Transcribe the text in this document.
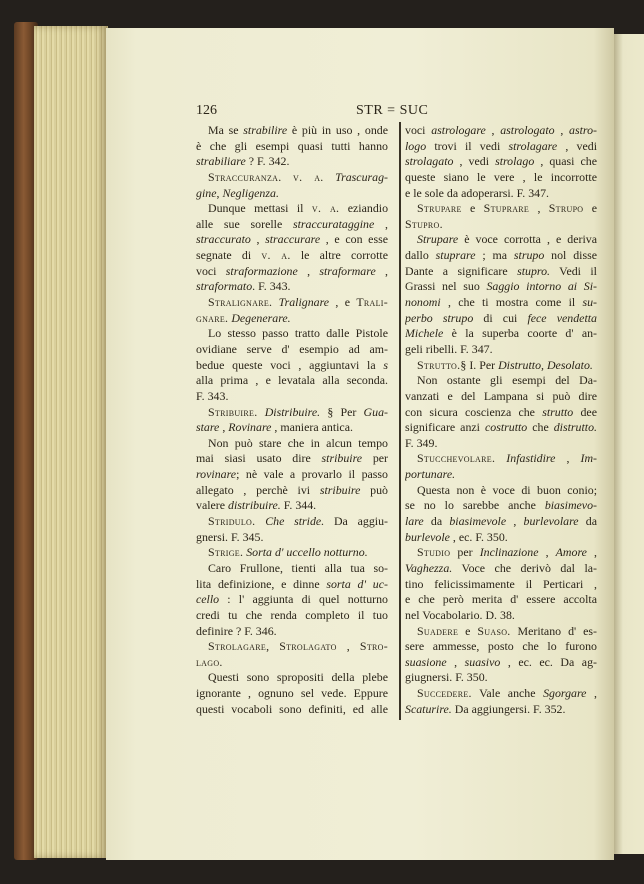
126	STR = SUC
Ma se strabilire è più in uso , onde
è che gli esempi quasi tutti hanno
strabiliare ? F. 342.
Straccuranza. v. a. Trascurag-
gine, Negligenza.
Dunque mettasi il v. a. eziandio
alle sue sorelle straccurataggine ,
straccurato , straccurare , e con esse
segnate di v. a. le altre corrotte
voci straformazione , straformare ,
straformato. F. 343.
Stralignare. Tralignare , e Trali-
gnare. Degenerare.
Lo stesso passo tratto dalle Pistole
ovidiane serve d' esempio ad am-
bedue queste voci , aggiuntavi la s
alla prima , e levatala alla seconda.
F. 343.
Stribuire. Distribuire. § Per Gua-
stare , Rovinare , maniera antica.
Non può stare che in alcun tempo
mai siasi usato dire stribuire per
rovinare; nè vale a provarlo il passo
allegato , perchè ivi stribuire può
valere distribuire. F. 344.
Stridulo. Che stride. Da aggiu-
gnersi. F. 345.
Strige. Sorta d' uccello notturno.
Caro Frullone, tienti alla tua so-
lita definizione, e dinne sorta d' uc-
cello : l' aggiunta di quel notturno
credi tu che renda completo il tuo
definire ? F. 346.
Strolagare, Strolagato , Stro-
lago.
Questi sono spropositi della plebe
ignorante , ognuno sel vede. Eppure
questi vocaboli sono definiti, ed alle
voci astrologare , astrologato , astro-
logo trovi il vedi strolagare , vedi
strolagato , vedi strolago , quasi che
queste siano le vere , le incorrotte
e le sole da adoperarsi. F. 347.
Strupare e Stuprare , Strupo e
Stupro.
Strupare è voce corrotta , e deriva
dallo stuprare ; ma strupo nol disse
Dante a significare stupro. Vedi il
Grassi nel suo Saggio intorno ai Si-
nonomi , che ti mostra come il su-
perbo strupo di cui fece vendetta
Michele è la superba coorte d' an-
geli ribelli. F. 347.
Strutto.§ I. Per Distrutto, Desolato.
Non ostante gli esempi del Da-
vanzati e del Lampana si può dire
con sicura coscienza che strutto dee
significare anzi costrutto che distrutto.
F. 349.
Stucchevolare. Infastidire , Im-
portunare.
Questa non è voce di buon conio;
se no lo sarebbe anche biasimevo-
lare da biasimevole , burlevolare da
burlevole , ec. F. 350.
Studio per Inclinazione , Amore ,
Vaghezza. Voce che derivò dal la-
tino felicissimamente il Perticari ,
e che però merita d' essere accolta
nel Vocabolario. D. 38.
Suadere e Suaso. Meritano d' es-
sere ammesse, posto che lo furono
suasione , suasivo , ec. ec. Da ag-
giugnersi. F. 350.
Succedere. Vale anche Sgorgare ,
Scaturire. Da aggiungersi. F. 352.
